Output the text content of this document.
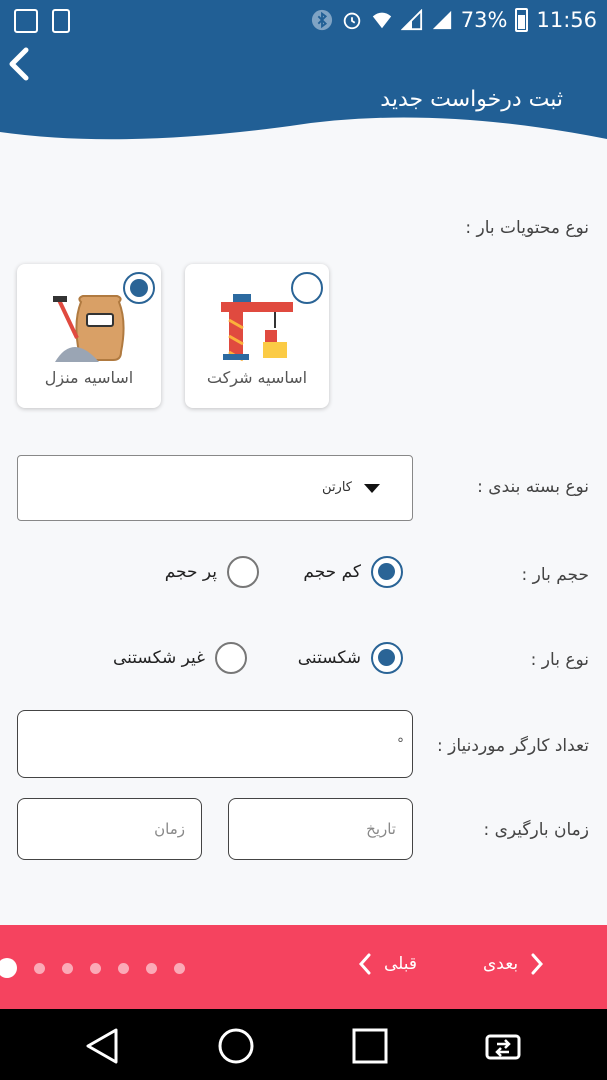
73% 11:56
ثبت درخواست جدید
نوع محتویات بار :
اساسیه شرکت
اساسیه منزل
نوع بسته بندی :
کارتن
حجم بار :
کم حجم
پر حجم
نوع بار :
شکستنی
غیر شکستنی
تعداد کارگر موردنیاز :
°
زمان بارگیری :
تاریخ
زمان
قبلی	بعدی
